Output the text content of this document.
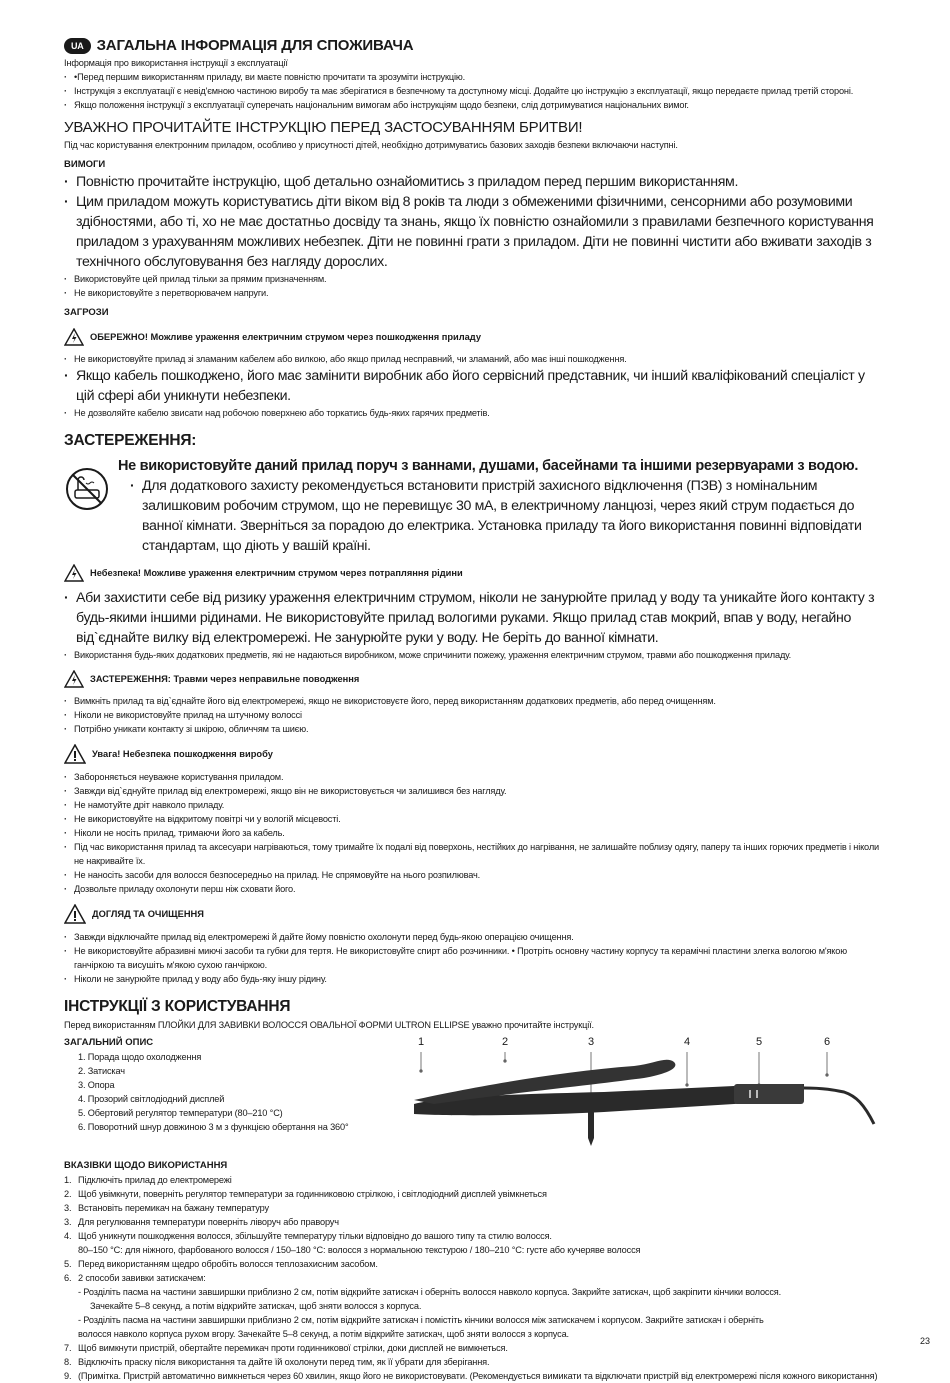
UA ЗАГАЛЬНА ІНФОРМАЦІЯ ДЛЯ СПОЖИВАЧА
Інформація про використання інструкції з експлуатації
· •Перед першим використанням приладу, ви маєте повністю прочитати та зрозуміти інструкцію.
· Інструкція з експлуатації є невід'ємною частиною виробу та має зберігатися в безпечному та доступному місці. Додайте цю інструкцію з експлуатації, якщо передаєте прилад третій стороні.
· Якщо положення інструкції з експлуатації суперечать національним вимогам або інструкціям щодо безпеки, слід дотримуватися національних вимог.
УВАЖНО ПРОЧИТАЙТЕ ІНСТРУКЦІЮ ПЕРЕД ЗАСТОСУВАННЯМ БРИТВИ!
Під час користування електронним приладом, особливо у присутності дітей, необхідно дотримуватись базових заходів безпеки включаючи наступні.
ВИМОГИ
· Повністю прочитайте інструкцію, щоб детально ознайомитись з приладом перед першим використанням.
· Цим приладом можуть користуватись діти віком від 8 років та люди з обмеженими фізичними, сенсорними або розумовими здібностями, або ті, хо не має достатньо досвіду та знань, якщо їх повністю ознайомили з правилами безпечного користування приладом з урахуванням можливих небезпек. Діти не повинні грати з приладом. Діти не повинні чистити або вживати заходів з технічного обслуговування без нагляду дорослих.
· Використовуйте цей прилад тільки за прямим призначенням.
· Не використовуйте з перетворювачем напруги.
ЗАГРОЗИ
ОБЕРЕЖНО! Можливе ураження електричним струмом через пошкодження приладу
· Не використовуйте прилад зі зламаним кабелем або вилкою, або якщо прилад несправний, чи зламаний, або має інші пошкодження.
· Якщо кабель пошкоджено, його має замінити виробник або його сервісний представник, чи інший кваліфікований спеціаліст у цій сфері аби уникнути небезпеки.
· Не дозволяйте кабелю звисати над робочою поверхнею або торкатись будь-яких гарячих предметів.
ЗАСТЕРЕЖЕННЯ:
Не використовуйте даний прилад поруч з ваннами, душами, басейнами та іншими резервуарами з водою.
· Для додаткового захисту рекомендується встановити пристрій захисного відключення (ПЗВ) з номінальним залишковим робочим струмом, що не перевищує 30 мА, в електричному ланцюзі, через який струм подається до ванної кімнати. Зверніться за порадою до електрика. Установка приладу та його використання повинні відповідати стандартам, що діють у вашій країні.
Небезпека! Можливе ураження електричним струмом через потрапляння рідини
· Аби захистити себе від ризику ураження електричним струмом, ніколи не занурюйте прилад у воду та уникайте його контакту з будь-якими іншими рідинами. Не використовуйте прилад вологими руками. Якщо прилад став мокрий, впав у воду, негайно від`єднайте вилку від електромережі. Не занурюйте руки у воду. Не беріть до ванної кімнати.
· Використання будь-яких додаткових предметів, які не надаються виробником, може спричинити пожежу, ураження електричним струмом, травми або пошкодження приладу.
ЗАСТЕРЕЖЕННЯ: Травми через неправильне поводження
· Вимкніть прилад та від`єднайте його від електромережі, якщо не використовуєте його, перед використанням додаткових предметів, або перед очищенням.
· Ніколи не використовуйте прилад на штучному волоссі
· Потрібно уникати контакту зі шкірою, обличчям та шиєю.
Увага! Небезпека пошкодження виробу
· Забороняється неуважне користування приладом.
· Завжди від`єднуйте прилад від електромережі, якщо він не використовується чи залишився без нагляду.
· Не намотуйте дріт навколо приладу.
· Не використовуйте на відкритому повітрі чи у вологій місцевості.
· Ніколи не носіть прилад, тримаючи його за кабель.
· Під час використання прилад та аксесуари нагріваються, тому тримайте їх подалі від поверхонь, нестійких до нагрівання, не залишайте поблизу одягу, паперу та інших горючих предметів і ніколи не накривайте їх.
· Не наносіть засоби для волосся безпосередньо на прилад. Не спрямовуйте на нього розпилювач.
· Дозвольте приладу охолонути перш ніж сховати його.
ДОГЛЯД ТА ОЧИЩЕННЯ
· Завжди відключайте прилад від електромережі й дайте йому повністю охолонути перед будь-якою операцією очищення.
· Не використовуйте абразивні миючі засоби та губки для тертя. Не використовуйте спирт або розчинники. • Протріть основну частину корпусу та керамічні пластини злегка вологою м'якою ганчіркою та висушіть м'якою сухою ганчіркою.
· Ніколи не занурюйте прилад у воду або будь-яку іншу рідину.
ІНСТРУКЦІЇ З КОРИСТУВАННЯ
Перед використанням ПЛОЙКИ ДЛЯ ЗАВИВКИ ВОЛОССЯ ОВАЛЬНОЇ ФОРМИ ULTRON ELLIPSE уважно прочитайте інструкції.
ЗАГАЛЬНИЙ ОПИС
1. Порада щодо охолодження
2. Затискач
3. Опора
4. Прозорий світлодіодний дисплей
5. Обертовий регулятор температури (80–210 °C)
6. Поворотний шнур довжиною 3 м з функцією обертання на 360°
1	2	3	4	5	6
ВКАЗІВКИ ЩОДО ВИКОРИСТАННЯ
1. Підключіть прилад до електромережі
2. Щоб увімкнути, поверніть регулятор температури за годинниковою стрілкою, і світлодіодний дисплей увімкнеться
3. Встановіть перемикач на бажану температуру
3. Для регулювання температури поверніть ліворуч або праворуч
4. Щоб уникнути пошкодження волосся, збільшуйте температуру тільки відповідно до вашого типу та стилю волосся.
80–150 °C: для ніжного, фарбованого волосся / 150–180 °C: волосся з нормальною текстурою / 180–210 °C: густе або кучеряве волосся
5. Перед використанням щедро обробіть волосся теплозахисним засобом.
6. 2 способи завивки затискачем:
- Розділіть пасма на частини завширшки приблизно 2 см, потім відкрийте затискач і оберніть волосся навколо корпуса. Закрийте затискач, щоб закріпити кінчики волосся.
Зачекайте 5–8 секунд, а потім відкрийте затискач, щоб зняти волосся з корпуса.
- Розділіть пасма на частини завширшки приблизно 2 см, потім відкрийте затискач і помістіть кінчики волосся між затискачем і корпусом. Закрийте затискач і оберніть
волосся навколо корпуса рухом вгору. Зачекайте 5–8 секунд, а потім відкрийте затискач, щоб зняти волосся з корпуса.
7. Щоб вимкнути пристрій, обертайте перемикач проти годинникової стрілки, доки дисплей не вимкнеться.
8. Відключіть праску після використання та дайте їй охолонути перед тим, як її убрати для зберігання.
9. (Примітка. Пристрій автоматично вимкнеться через 60 хвилин, якщо його не використовувати. (Рекомендується вимикати та відключати пристрій від електромережі після кожного використання)
23
